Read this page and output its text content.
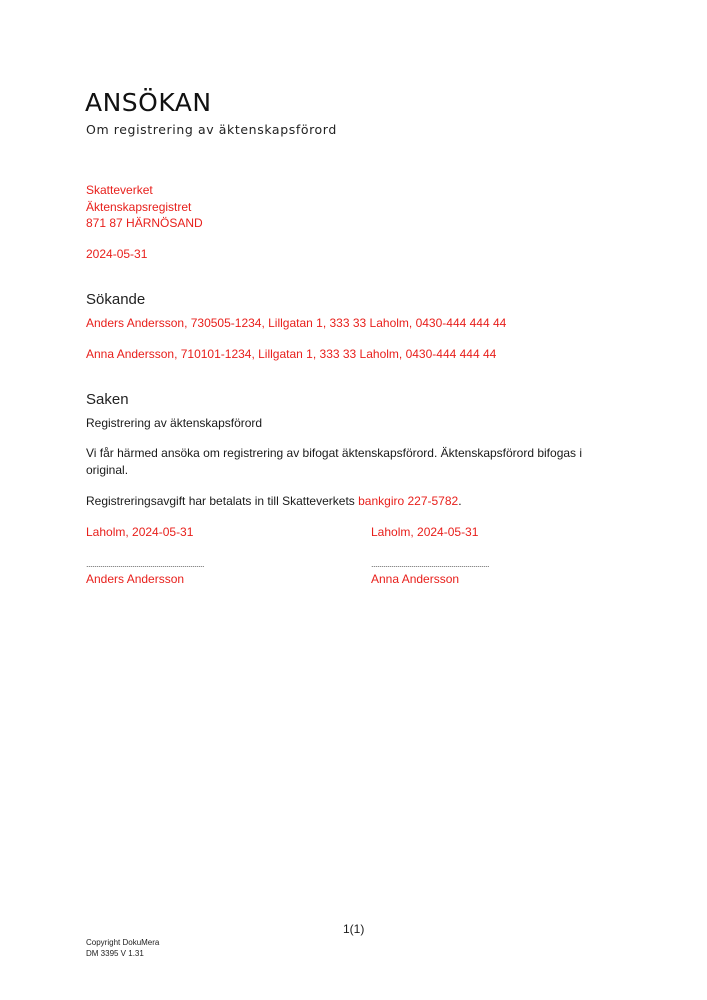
ANSÖKAN
Om registrering av äktenskapsförord
Skatteverket
Äktenskapsregistret
871 87 HÄRNÖSAND
2024-05-31
Sökande
Anders Andersson, 730505-1234, Lillgatan 1, 333 33 Laholm, 0430-444 444 44
Anna Andersson, 710101-1234, Lillgatan 1, 333 33 Laholm, 0430-444 444 44
Saken
Registrering av äktenskapsförord
Vi får härmed ansöka om registrering av bifogat äktenskapsförord. Äktenskapsförord bifogas i original.
Registreringsavgift har betalats in till Skatteverkets bankgiro 227-5782.
Laholm, 2024-05-31
...........................................................
Anders Andersson
Laholm, 2024-05-31
...........................................................
Anna Andersson
1(1)
Copyright DokuMera
DM 3395 V 1.31
